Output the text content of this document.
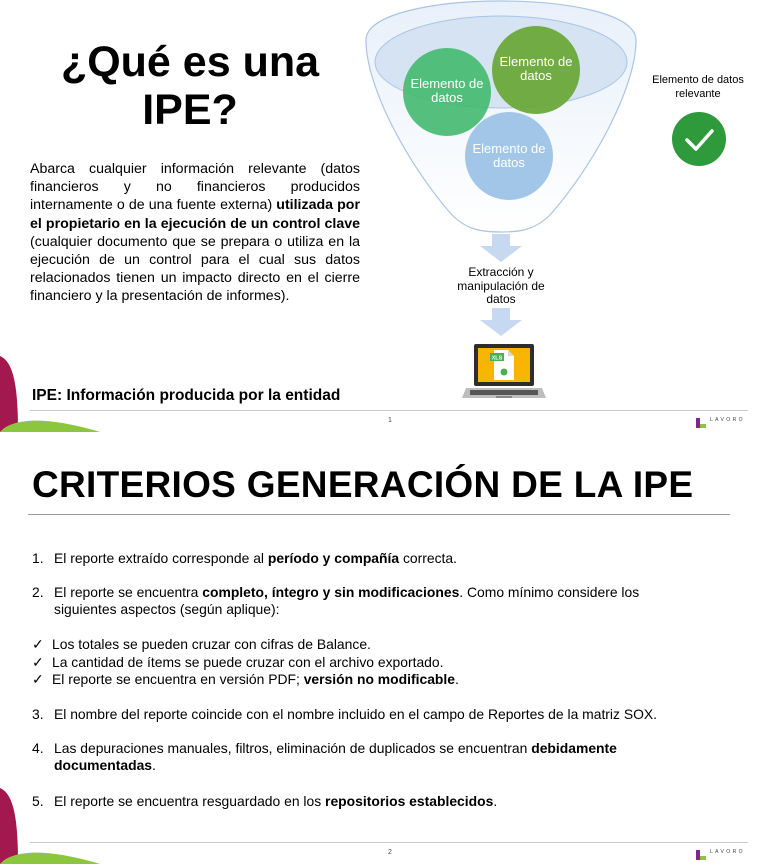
¿Qué es una IPE?
Abarca cualquier información relevante (datos financieros y no financieros producidos internamente o de una fuente externa) utilizada por el propietario en la ejecución de un control clave (cualquier documento que se prepara o utiliza en la ejecución de un control para el cual sus datos relacionados tienen un impacto directo en el cierre financiero y la presentación de informes).
IPE: Información producida por la entidad
Elemento de datos
Elemento de datos
Elemento de datos
Elemento de datos relevante
Extracción y manipulación de datos
XLS
1	LAVORO
CRITERIOS GENERACIÓN DE LA IPE
1. El reporte extraído corresponde al período y compañía correcta.
2. El reporte se encuentra completo, íntegro y sin modificaciones. Como mínimo considere los siguientes aspectos (según aplique):
✓ Los totales se pueden cruzar con cifras de Balance.
✓ La cantidad de ítems se puede cruzar con el archivo exportado.
✓ El reporte se encuentra en versión PDF; versión no modificable.
3. El nombre del reporte coincide con el nombre incluido en el campo de Reportes de la matriz SOX.
4. Las depuraciones manuales, filtros, eliminación de duplicados se encuentran debidamente documentadas.
5. El reporte se encuentra resguardado en los repositorios establecidos.
2	LAVORO
